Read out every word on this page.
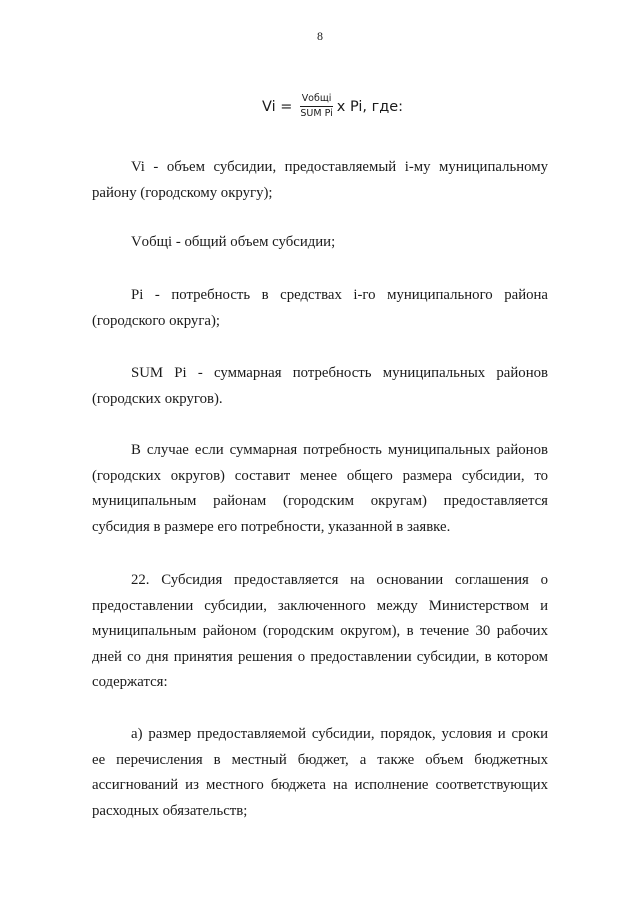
8
$Vi = \frac{\text{Vобщі}}{\text{SUM Pi}}$ x Pi, где:

Vi - объем субсидии, предоставляемый i-му муниципальному району (городскому округу);

Vобщі - общий объем субсидии;

Pi - потребность в средствах i-го муниципального района (городского округа);

SUM Pi - суммарная потребность муниципальных районов (городских округов).

В случае если суммарная потребность муниципальных районов (городских округов) составит менее общего размера субсидии, то муниципальным районам (городским округам) предоставляется субсидия в размере его потребности, указанной в заявке.

22. Субсидия предоставляется на основании соглашения о предоставлении субсидии, заключенного между Министерством и муниципальным районом (городским округом), в течение 30 рабочих дней со дня принятия решения о предоставлении субсидии, в котором содержатся:

а) размер предоставляемой субсидии, порядок, условия и сроки ее перечисления в местный бюджет, а также объем бюджетных ассигнований из местного бюджета на исполнение соответствующих расходных обязательств;
